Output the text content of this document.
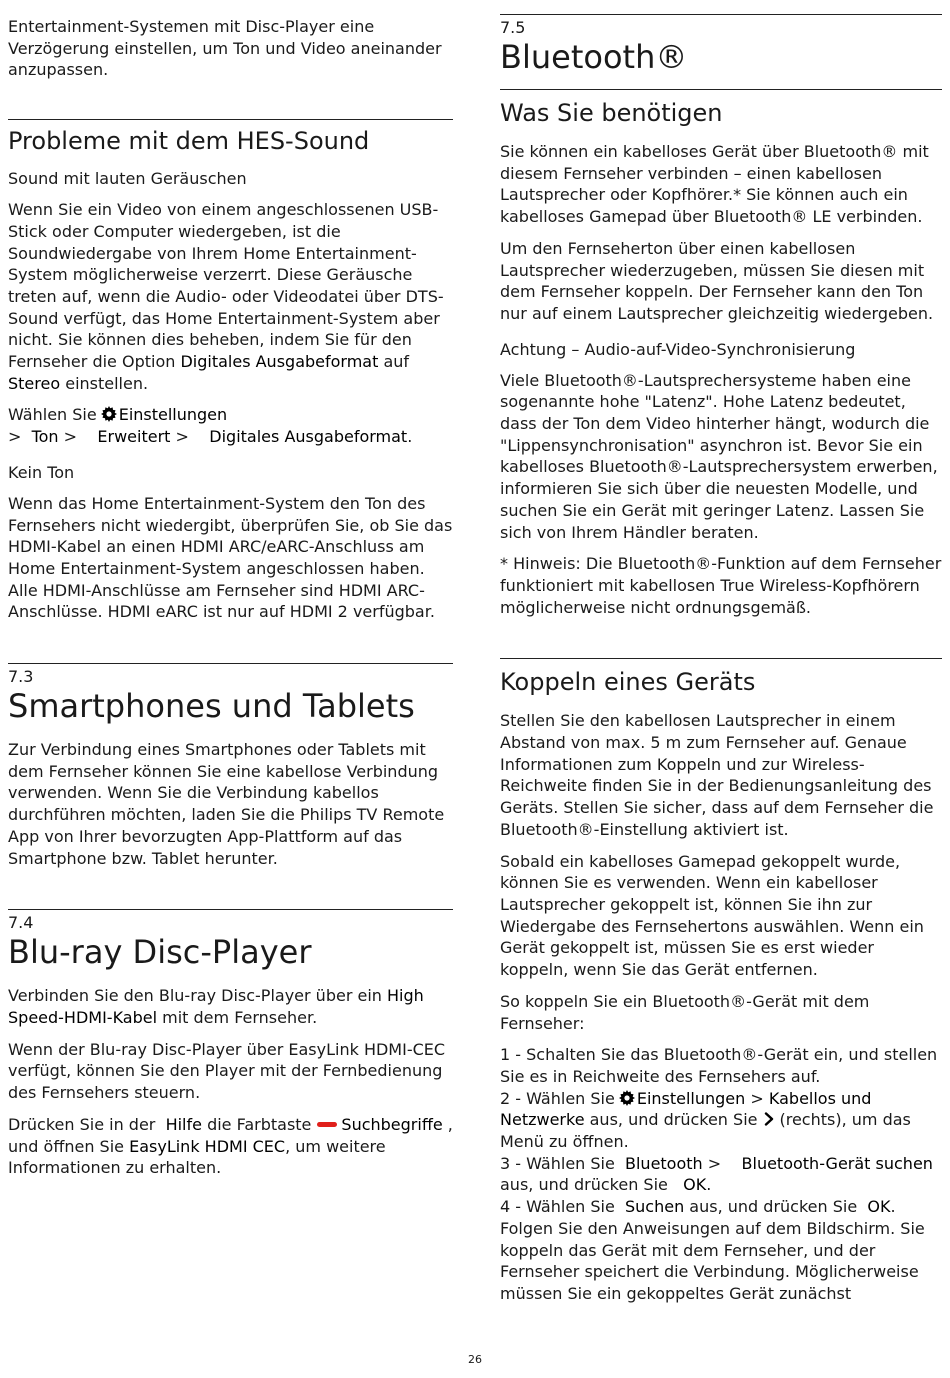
Entertainment-Systemen mit Disc-Player eine Verzögerung einstellen, um Ton und Video aneinander anzupassen.

Probleme mit dem HES-Sound
Sound mit lauten Geräuschen

Wenn Sie ein Video von einem angeschlossenen USB-Stick oder Computer wiedergeben, ist die Soundwiedergabe von Ihrem Home Entertainment-System möglicherweise verzerrt. Diese Geräusche treten auf, wenn die Audio- oder Videodatei über DTS-Sound verfügt, das Home Entertainment-System aber nicht. Sie können dies beheben, indem Sie für den Fernseher die Option Digitales Ausgabeformat auf Stereo einstellen.

Wählen Sie Einstellungen
> Ton > Erweitert > Digitales Ausgabeformat.

Kein Ton

Wenn das Home Entertainment-System den Ton des Fernsehers nicht wiedergibt, überprüfen Sie, ob Sie das HDMI-Kabel an einen HDMI ARC/eARC-Anschluss am Home Entertainment-System angeschlossen haben. Alle HDMI-Anschlüsse am Fernseher sind HDMI ARC-Anschlüsse. HDMI eARC ist nur auf HDMI 2 verfügbar.

7.3
Smartphones und Tablets

Zur Verbindung eines Smartphones oder Tablets mit dem Fernseher können Sie eine kabellose Verbindung verwenden. Wenn Sie die Verbindung kabellos durchführen möchten, laden Sie die Philips TV Remote App von Ihrer bevorzugten App-Plattform auf das Smartphone bzw. Tablet herunter.

7.4
Blu-ray Disc-Player

Verbinden Sie den Blu-ray Disc-Player über ein High Speed-HDMI-Kabel mit dem Fernseher.

Wenn der Blu-ray Disc-Player über EasyLink HDMI-CEC verfügt, können Sie den Player mit der Fernbedienung des Fernsehers steuern.

Drücken Sie in der Hilfe die Farbtaste Suchbegriffe , und öffnen Sie EasyLink HDMI CEC, um weitere Informationen zu erhalten.

7.5
Bluetooth®
Was Sie benötigen

Sie können ein kabelloses Gerät über Bluetooth® mit diesem Fernseher verbinden – einen kabellosen Lautsprecher oder Kopfhörer.* Sie können auch ein kabelloses Gamepad über Bluetooth® LE verbinden.

Um den Fernseherton über einen kabellosen Lautsprecher wiederzugeben, müssen Sie diesen mit dem Fernseher koppeln. Der Fernseher kann den Ton nur auf einem Lautsprecher gleichzeitig wiedergeben.

Achtung – Audio-auf-Video-Synchronisierung

Viele Bluetooth®-Lautsprechersysteme haben eine sogenannte hohe "Latenz". Hohe Latenz bedeutet, dass der Ton dem Video hinterher hängt, wodurch die "Lippensynchronisation" asynchron ist. Bevor Sie ein kabelloses Bluetooth®-Lautsprechersystem erwerben, informieren Sie sich über die neuesten Modelle, und suchen Sie ein Gerät mit geringer Latenz. Lassen Sie sich von Ihrem Händler beraten.

* Hinweis: Die Bluetooth®-Funktion auf dem Fernseher funktioniert mit kabellosen True Wireless-Kopfhörern möglicherweise nicht ordnungsgemäß.

Koppeln eines Geräts

Stellen Sie den kabellosen Lautsprecher in einem Abstand von max. 5 m zum Fernseher auf. Genaue Informationen zum Koppeln und zur Wireless-Reichweite finden Sie in der Bedienungsanleitung des Geräts. Stellen Sie sicher, dass auf dem Fernseher die Bluetooth®-Einstellung aktiviert ist.

Sobald ein kabelloses Gamepad gekoppelt wurde, können Sie es verwenden. Wenn ein kabelloser Lautsprecher gekoppelt ist, können Sie ihn zur Wiedergabe des Fernsehertons auswählen. Wenn ein Gerät gekoppelt ist, müssen Sie es erst wieder koppeln, wenn Sie das Gerät entfernen.

So koppeln Sie ein Bluetooth®-Gerät mit dem Fernseher:

1 - Schalten Sie das Bluetooth®-Gerät ein, und stellen Sie es in Reichweite des Fernsehers auf.

2 - Wählen Sie Einstellungen > Kabellos und Netzwerke aus, und drücken Sie (rechts), um das Menü zu öffnen.

3 - Wählen Sie Bluetooth > Bluetooth-Gerät suchen aus, und drücken Sie OK.

4 - Wählen Sie Suchen aus, und drücken Sie OK. Folgen Sie den Anweisungen auf dem Bildschirm. Sie koppeln das Gerät mit dem Fernseher, und der Fernseher speichert die Verbindung. Möglicherweise müssen Sie ein gekoppeltes Gerät zunächst

26
